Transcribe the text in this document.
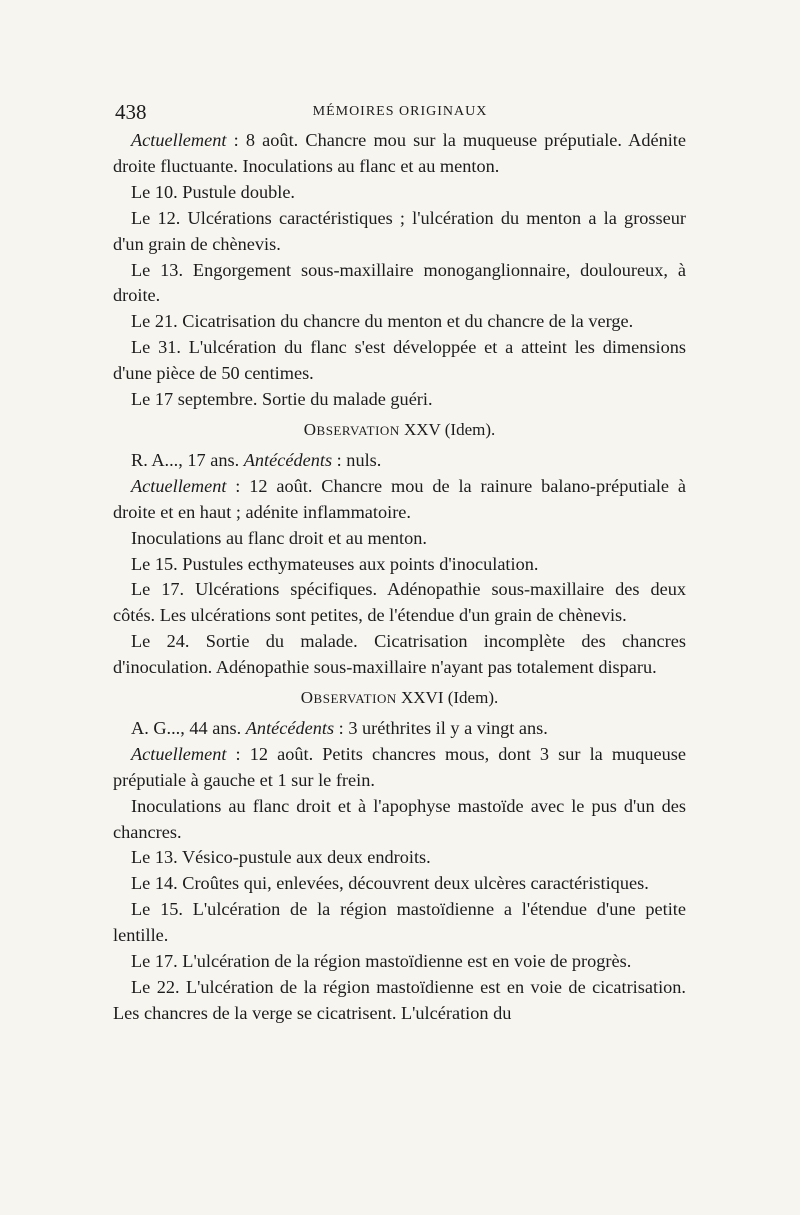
438	MÉMOIRES ORIGINAUX

Actuellement : 8 août. Chancre mou sur la muqueuse préputiale. Adénite droite fluctuante. Inoculations au flanc et au menton.

Le 10. Pustule double.

Le 12. Ulcérations caractéristiques ; l'ulcération du menton a la grosseur d'un grain de chènevis.

Le 13. Engorgement sous-maxillaire monoganglionnaire, douloureux, à droite.

Le 21. Cicatrisation du chancre du menton et du chancre de la verge.

Le 31. L'ulcération du flanc s'est développée et a atteint les dimensions d'une pièce de 50 centimes.

Le 17 septembre. Sortie du malade guéri.

OBSERVATION XXV (Idem).

R. A..., 17 ans. Antécédents : nuls.

Actuellement : 12 août. Chancre mou de la rainure balano-préputiale à droite et en haut ; adénite inflammatoire.

Inoculations au flanc droit et au menton.

Le 15. Pustules ecthymateuses aux points d'inoculation.

Le 17. Ulcérations spécifiques. Adénopathie sous-maxillaire des deux côtés. Les ulcérations sont petites, de l'étendue d'un grain de chènevis.

Le 24. Sortie du malade. Cicatrisation incomplète des chancres d'inoculation. Adénopathie sous-maxillaire n'ayant pas totalement disparu.

OBSERVATION XXVI (Idem).

A. G..., 44 ans. Antécédents : 3 uréthrites il y a vingt ans.

Actuellement : 12 août. Petits chancres mous, dont 3 sur la muqueuse préputiale à gauche et 1 sur le frein.

Inoculations au flanc droit et à l'apophyse mastoïde avec le pus d'un des chancres.

Le 13. Vésico-pustule aux deux endroits.

Le 14. Croûtes qui, enlevées, découvrent deux ulcères caractéristiques.

Le 15. L'ulcération de la région mastoïdienne a l'étendue d'une petite lentille.

Le 17. L'ulcération de la région mastoïdienne est en voie de progrès.

Le 22. L'ulcération de la région mastoïdienne est en voie de cicatrisation. Les chancres de la verge se cicatrisent. L'ulcération du
